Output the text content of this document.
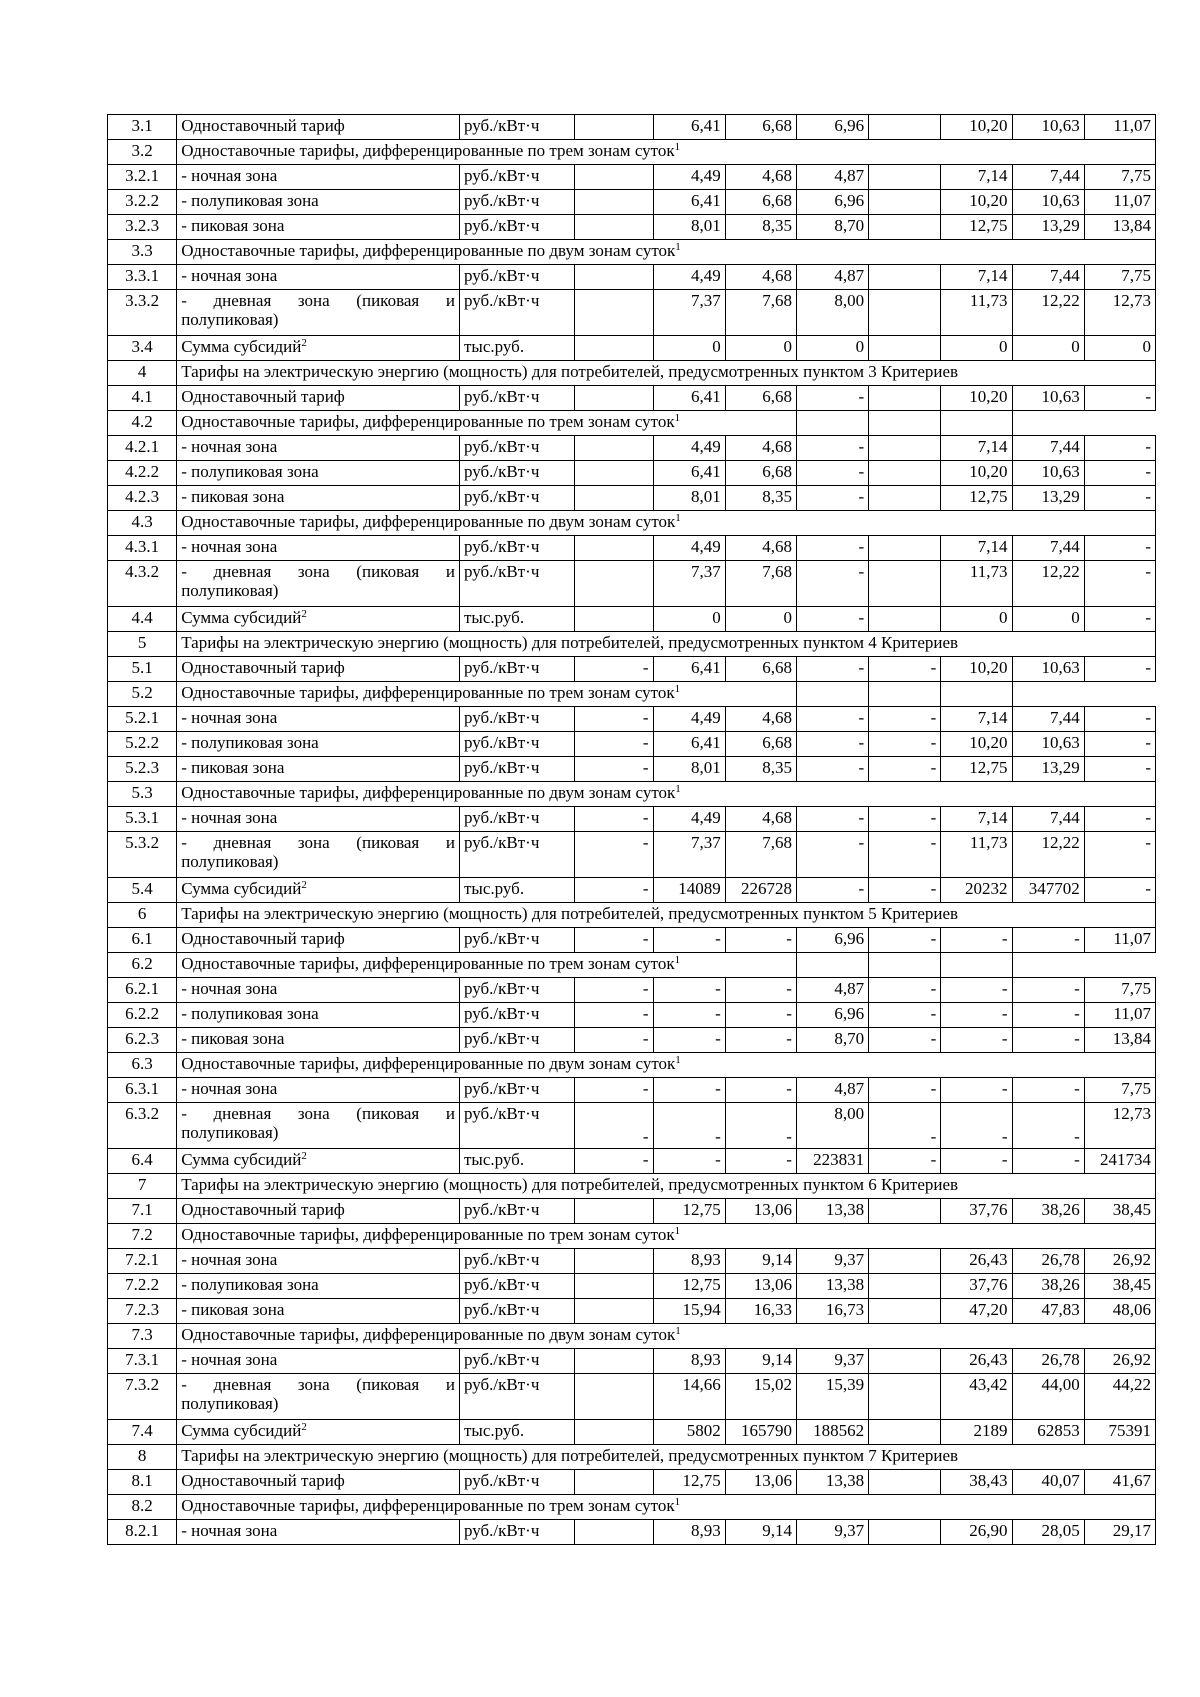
3.1	Одноставочный тариф	руб./кВт·ч		6,41	6,68	6,96		10,20	10,63	11,07
3.2	Одноставочные тарифы, дифференцированные по трем зонам суток$^1$
3.2.1	- ночная зона	руб./кВт·ч		4,49	4,68	4,87		7,14	7,44	7,75
3.2.2	- полупиковая зона	руб./кВт·ч		6,41	6,68	6,96		10,20	10,63	11,07
3.2.3	- пиковая зона	руб./кВт·ч		8,01	8,35	8,70		12,75	13,29	13,84
3.3	Одноставочные тарифы, дифференцированные по двум зонам суток$^1$
3.3.1	- ночная зона	руб./кВт·ч		4,49	4,68	4,87		7,14	7,44	7,75
3.3.2	- дневная зона (пиковая и полупиковая)	руб./кВт·ч		7,37	7,68	8,00		11,73	12,22	12,73
3.4	Сумма субсидий$^2$	тыс.руб.		0	0	0		0	0	0
4	Тарифы на электрическую энергию (мощность) для потребителей, предусмотренных пунктом 3 Критериев									
4.1	Одноставочный тариф	руб./кВт·ч		6,41	6,68	-		10,20	10,63	-
4.2	Одноставочные тарифы, дифференцированные по трем зонам суток$^1$			
4.2.1	- ночная зона	руб./кВт·ч		4,49	4,68	-		7,14	7,44	-
4.2.2	- полупиковая зона	руб./кВт·ч		6,41	6,68	-		10,20	10,63	-
4.2.3	- пиковая зона	руб./кВт·ч		8,01	8,35	-		12,75	13,29	-
4.3	Одноставочные тарифы, дифференцированные по двум зонам суток$^1$
4.3.1	- ночная зона	руб./кВт·ч		4,49	4,68	-		7,14	7,44	-
4.3.2	- дневная зона (пиковая и полупиковая)	руб./кВт·ч		7,37	7,68	-		11,73	12,22	-
4.4	Сумма субсидий$^2$	тыс.руб.		0	0	-		0	0	-
5	Тарифы на электрическую энергию (мощность) для потребителей, предусмотренных пунктом 4 Критериев									
5.1	Одноставочный тариф	руб./кВт·ч	-	6,41	6,68	-	-	10,20	10,63	-
5.2	Одноставочные тарифы, дифференцированные по трем зонам суток$^1$			
5.2.1	- ночная зона	руб./кВт·ч	-	4,49	4,68	-	-	7,14	7,44	-
5.2.2	- полупиковая зона	руб./кВт·ч	-	6,41	6,68	-	-	10,20	10,63	-
5.2.3	- пиковая зона	руб./кВт·ч	-	8,01	8,35	-	-	12,75	13,29	-
5.3	Одноставочные тарифы, дифференцированные по двум зонам суток$^1$
5.3.1	- ночная зона	руб./кВт·ч	-	4,49	4,68	-	-	7,14	7,44	-
5.3.2	- дневная зона (пиковая и полупиковая)	руб./кВт·ч	-	7,37	7,68	-	-	11,73	12,22	-
5.4	Сумма субсидий$^2$	тыс.руб.	-	14089	226728	-	-	20232	347702	-
6	Тарифы на электрическую энергию (мощность) для потребителей, предусмотренных пунктом 5 Критериев									
6.1	Одноставочный тариф	руб./кВт·ч	-	-	-	6,96	-	-	-	11,07
6.2	Одноставочные тарифы, дифференцированные по трем зонам суток$^1$			
6.2.1	- ночная зона	руб./кВт·ч	-	-	-	4,87	-	-	-	7,75
6.2.2	- полупиковая зона	руб./кВт·ч	-	-	-	6,96	-	-	-	11,07
6.2.3	- пиковая зона	руб./кВт·ч	-	-	-	8,70	-	-	-	13,84
6.3	Одноставочные тарифы, дифференцированные по двум зонам суток$^1$
6.3.1	- ночная зона	руб./кВт·ч	-	-	-	4,87	-	-	-	7,75
6.3.2	- дневная зона (пиковая и полупиковая)	руб./кВт·ч	-	-	-	8,00	-	-	-	12,73
6.4	Сумма субсидий$^2$	тыс.руб.	-	-	-	223831	-	-	-	241734
7	Тарифы на электрическую энергию (мощность) для потребителей, предусмотренных пунктом 6 Критериев									
7.1	Одноставочный тариф	руб./кВт·ч		12,75	13,06	13,38		37,76	38,26	38,45
7.2	Одноставочные тарифы, дифференцированные по трем зонам суток$^1$
7.2.1	- ночная зона	руб./кВт·ч		8,93	9,14	9,37		26,43	26,78	26,92
7.2.2	- полупиковая зона	руб./кВт·ч		12,75	13,06	13,38		37,76	38,26	38,45
7.2.3	- пиковая зона	руб./кВт·ч		15,94	16,33	16,73		47,20	47,83	48,06
7.3	Одноставочные тарифы, дифференцированные по двум зонам суток$^1$
7.3.1	- ночная зона	руб./кВт·ч		8,93	9,14	9,37		26,43	26,78	26,92
7.3.2	- дневная зона (пиковая и полупиковая)	руб./кВт·ч		14,66	15,02	15,39		43,42	44,00	44,22
7.4	Сумма субсидий$^2$	тыс.руб.		5802	165790	188562		2189	62853	75391
8	Тарифы на электрическую энергию (мощность) для потребителей, предусмотренных пунктом 7 Критериев									
8.1	Одноставочный тариф	руб./кВт·ч		12,75	13,06	13,38		38,43	40,07	41,67
8.2	Одноставочные тарифы, дифференцированные по трем зонам суток$^1$
8.2.1	- ночная зона	руб./кВт·ч		8,93	9,14	9,37		26,90	28,05	29,17
